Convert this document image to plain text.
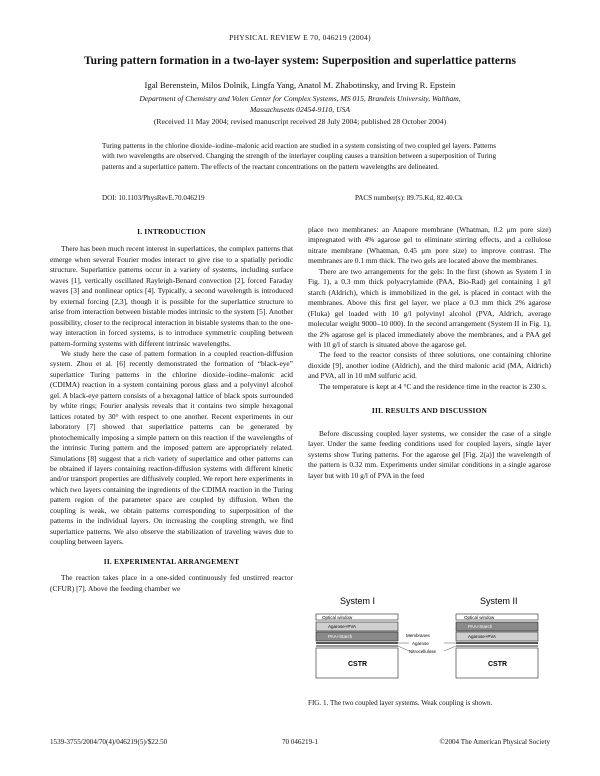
PHYSICAL REVIEW E 70, 046219 (2004)
Turing pattern formation in a two-layer system: Superposition and superlattice patterns
Igal Berenstein, Milos Dolnik, Lingfa Yang, Anatol M. Zhabotinsky, and Irving R. Epstein
Department of Chemistry and Volen Center for Complex Systems, MS 015, Brandeis University, Waltham,
Massachusetts 02454-9110, USA
(Received 11 May 2004; revised manuscript received 28 July 2004; published 28 October 2004)
Turing patterns in the chlorine dioxide–iodine–malonic acid reaction are studied in a system consisting of two coupled gel layers. Patterns with two wavelengths are observed. Changing the strength of the interlayer coupling causes a transition between a superposition of Turing patterns and a superlattice pattern. The effects of the reactant concentrations on the pattern wavelengths are delineated.
DOI: 10.1103/PhysRevE.70.046219	PACS number(s): 89.75.Kd, 82.40.Ck
I. INTRODUCTION

There has been much recent interest in superlattices, the complex patterns that emerge when several Fourier modes interact to give rise to a spatially periodic structure. Superlattice patterns occur in a variety of systems, including surface waves [1], vertically oscillated Rayleigh-Benard convection [2], forced Faraday waves [3] and nonlinear optics [4]. Typically, a second wavelength is introduced by external forcing [2,3], though it is possible for the superlattice structure to arise from interaction between bistable modes intrinsic to the system [5]. Another possibility, closer to the reciprocal interaction in bistable systems than to the one-way interaction in forced systems, is to introduce symmetric coupling between pattern-forming systems with different intrinsic wavelengths.

We study here the case of pattern formation in a coupled reaction-diffusion system. Zhou et al. [6] recently demonstrated the formation of “black-eye” superlattice Turing patterns in the chlorine dioxide–iodine–malonic acid (CDIMA) reaction in a system containing porous glass and a polyvinyl alcohol gel. A black-eye pattern consists of a hexagonal lattice of black spots surrounded by white rings; Fourier analysis reveals that it contains two simple hexagonal lattices rotated by 30° with respect to one another. Recent experiments in our laboratory [7] showed that superlattice patterns can be generated by photochemically imposing a simple pattern on this reaction if the wavelengths of the intrinsic Turing pattern and the imposed pattern are appropriately related. Simulations [8] suggest that a rich variety of superlattice and other patterns can be obtained if layers containing reaction-diffusion systems with different kinetic and/or transport properties are diffusively coupled. We report here experiments in which two layers containing the ingredients of the CDIMA reaction in the Turing pattern region of the parameter space are coupled by diffusion. When the coupling is weak, we obtain patterns corresponding to superposition of the patterns in the individual layers. On increasing the coupling strength, we find superlattice patterns. We also observe the stabilization of traveling waves due to coupling between layers.

II. EXPERIMENTAL ARRANGEMENT

The reaction takes place in a one-sided continuously fed unstirred reactor (CFUR) [7]. Above the feeding chamber we

place two membranes: an Anapore membrane (Whatman, 0.2 μm pore size) impregnated with 4% agarose gel to eliminate stirring effects, and a cellulose nitrate membrane (Whatman, 0.45 μm pore size) to improve contrast. The membranes are 0.1 mm thick. The two gels are located above the membranes.

There are two arrangements for the gels: In the first (shown as System I in Fig. 1), a 0.3 mm thick polyacrylamide (PAA, Bio-Rad) gel containing 1 g/l starch (Aldrich), which is immobilized in the gel, is placed in contact with the membranes. Above this first gel layer, we place a 0.3 mm thick 2% agarose (Fluka) gel loaded with 10 g/l polyvinyl alcohol (PVA, Aldrich, average molecular weight 9000–10 000). In the second arrangement (System II in Fig. 1), the 2% agarose gel is placed immediately above the membranes, and a PAA gel with 10 g/l of starch is situated above the agarose gel.

The feed to the reactor consists of three solutions, one containing chlorine dioxide [9], another iodine (Aldrich), and the third malonic acid (MA, Aldrich) and PVA, all in 10 mM sulfuric acid.

The temperature is kept at 4 °C and the residence time in the reactor is 230 s.

III. RESULTS AND DISCUSSION

Before discussing coupled layer systems, we consider the case of a single layer. Under the same feeding conditions used for coupled layers, single layer systems show Turing patterns. For the agarose gel [Fig. 2(a)] the wavelength of the pattern is 0.32 mm. Experiments under similar conditions in a single agarose layer but with 10 g/l of PVA in the feed

System I	System II
Optical window
Agarose+PVA
PAA+Starch
CSTR
Membranes
Agarose
Nitrocellulose
Optical window
PAA+Starch
Agarose+PVA
CSTR
FIG. 1. The two coupled layer systems. Weak coupling is shown.
1539-3755/2004/70(4)/046219(5)/$22.50	70 046219-1	©2004 The American Physical Society
